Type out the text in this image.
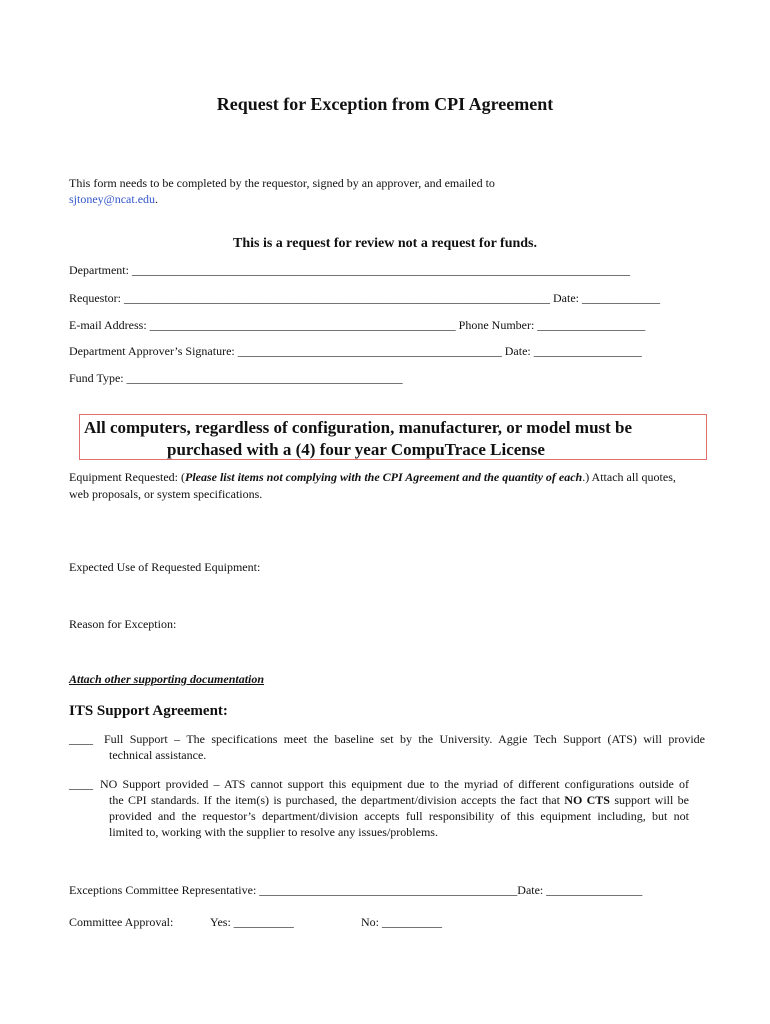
Request for Exception from CPI Agreement
This form needs to be completed by the requestor, signed by an approver, and emailed to
sjtoney@ncat.edu.
This is a request for review not a request for funds.
Department: ___________________________________________________________________________________
Requestor: _______________________________________________________________________ Date: _____________
E-mail Address: ___________________________________________________ Phone Number: __________________
Department Approver’s Signature: ____________________________________________ Date: __________________
Fund Type: ______________________________________________
All computers, regardless of configuration, manufacturer, or model must be
purchased with a (4) four year CompuTrace License
Equipment Requested: (Please list items not complying with the CPI Agreement and the quantity of each.) Attach all quotes, web proposals, or system specifications.
Expected Use of Requested Equipment:
Reason for Exception:
Attach other supporting documentation
ITS Support Agreement:
____ Full Support – The specifications meet the baseline set by the University. Aggie Tech Support (ATS) will provide
technical assistance.
____ NO Support provided – ATS cannot support this equipment due to the myriad of different configurations outside of
the CPI standards. If the item(s) is purchased, the department/division accepts the fact that NO CTS support will be
provided and the requestor’s department/division accepts full responsibility of this equipment including, but not
limited to, working with the supplier to resolve any issues/problems.
Exceptions Committee Representative: ___________________________________________Date: ________________
Committee Approval:	Yes: __________	No: __________
